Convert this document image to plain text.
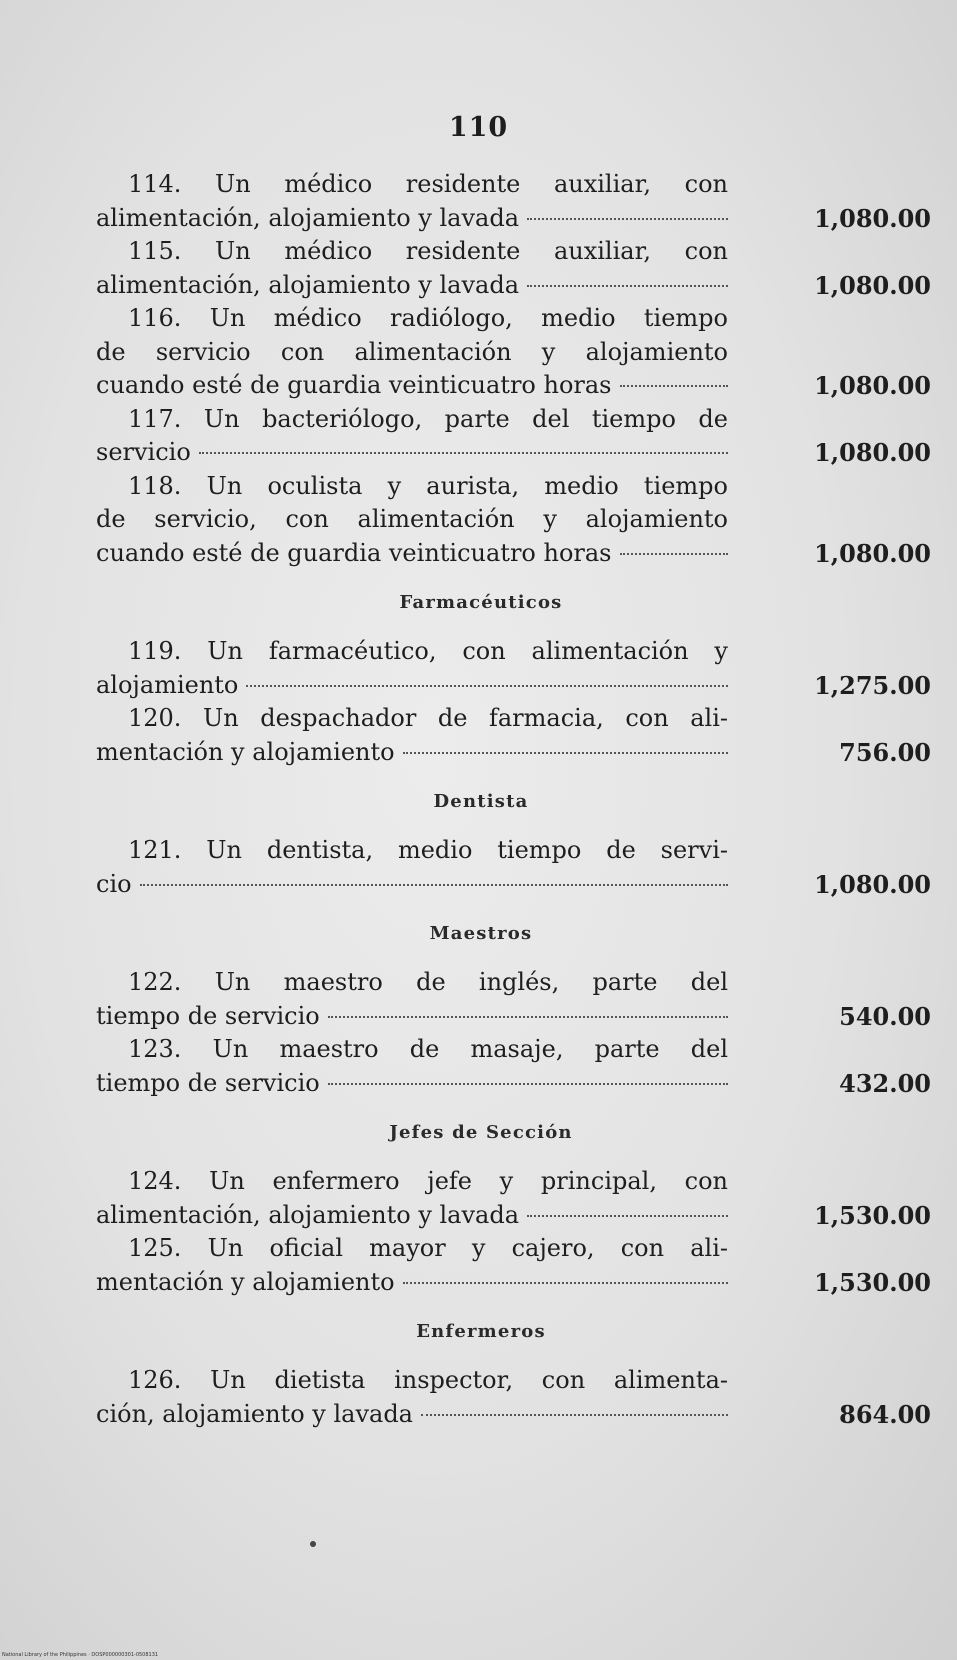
110
114. Un médico residente auxiliar, con
alimentación, alojamiento y lavada	1,080.00
115. Un médico residente auxiliar, con
alimentación, alojamiento y lavada	1,080.00
116. Un médico radiólogo, medio tiempo
de servicio con alimentación y alojamiento
cuando esté de guardia veinticuatro horas	1,080.00
117. Un bacteriólogo, parte del tiempo de
servicio	1,080.00
118. Un oculista y aurista, medio tiempo
de servicio, con alimentación y alojamiento
cuando esté de guardia veinticuatro horas	1,080.00
Farmacéuticos
119. Un farmacéutico, con alimentación y
alojamiento	1,275.00
120. Un despachador de farmacia, con ali-
mentación y alojamiento	756.00
Dentista
121. Un dentista, medio tiempo de servi-
cio	1,080.00
Maestros
122. Un maestro de inglés, parte del
tiempo de servicio	540.00
123. Un maestro de masaje, parte del
tiempo de servicio	432.00
Jefes de Sección
124. Un enfermero jefe y principal, con
alimentación, alojamiento y lavada	1,530.00
125. Un oficial mayor y cajero, con ali-
mentación y alojamiento	1,530.00
Enfermeros
126. Un dietista inspector, con alimenta-
ción, alojamiento y lavada	864.00
National Library of the Philippines · DOSP000000301-0508131
